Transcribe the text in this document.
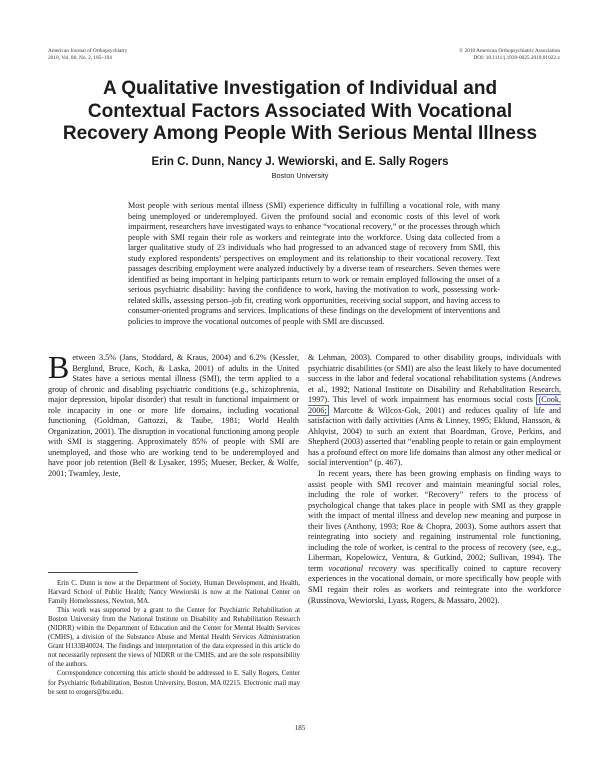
American Journal of Orthopsychiatry
2010, Vol. 80, No. 2, 185–194
© 2010 American Orthopsychiatric Association
DOI: 10.1111/j.1939-0025.2010.01022.x
A Qualitative Investigation of Individual and
Contextual Factors Associated With Vocational
Recovery Among People With Serious Mental Illness
Erin C. Dunn, Nancy J. Wewiorski, and E. Sally Rogers
Boston University

Most people with serious mental illness (SMI) experience difficulty in fulfilling a vocational role, with many being unemployed or underemployed. Given the profound social and economic costs of this level of work impairment, researchers have investigated ways to enhance “vocational recovery,” or the processes through which people with SMI regain their role as workers and reintegrate into the workforce. Using data collected from a larger qualitative study of 23 individuals who had progressed to an advanced stage of recovery from SMI, this study explored respondents’ perspectives on employment and its relationship to their vocational recovery. Text passages describing employment were analyzed inductively by a diverse team of researchers. Seven themes were identified as being important in helping participants return to work or remain employed following the onset of a serious psychiatric disability: having the confidence to work, having the motivation to work, possessing work-related skills, assessing person–job fit, creating work opportunities, receiving social support, and having access to consumer-oriented programs and services. Implications of these findings on the development of interventions and policies to improve the vocational outcomes of people with SMI are discussed.

Between 3.5% (Jans, Stoddard, & Kraus, 2004) and 6.2% (Kessler, Berglund, Bruce, Koch, & Laska, 2001) of adults in the United States have a serious mental illness (SMI), the term applied to a group of chronic and disabling psychiatric conditions (e.g., schizophrenia, major depression, bipolar disorder) that result in functional impairment or role incapacity in one or more life domains, including vocational functioning (Goldman, Gattozzi, & Taube, 1981; World Health Organization, 2001). The disruption in vocational functioning among people with SMI is staggering. Approximately 85% of people with SMI are unemployed, and those who are working tend to be underemployed and have poor job retention (Bell & Lysaker, 1995; Mueser, Becker, & Wolfe, 2001; Twamley, Jeste,

& Lehman, 2003). Compared to other disability groups, individuals with psychiatric disabilities (or SMI) are also the least likely to have documented success in the labor and federal vocational rehabilitation systems (Andrews et al., 1992; National Institute on Disability and Rehabilitation Research, 1997). This level of work impairment has enormous social costs (Cook, 2006; Marcotte & Wilcox-Gok, 2001) and reduces quality of life and satisfaction with daily activities (Arns & Linney, 1995; Eklund, Hansson, & Ahlqvist, 2004) to such an extent that Boardman, Grove, Perkins, and Shepherd (2003) asserted that “enabling people to retain or gain employment has a profound effect on more life domains than almost any other medical or social intervention” (p. 467).

In recent years, there has been growing emphasis on finding ways to assist people with SMI recover and maintain meaningful social roles, including the role of worker. “Recovery” refers to the process of psychological change that takes place in people with SMI as they grapple with the impact of mental illness and develop new meaning and purpose in their lives (Anthony, 1993; Roe & Chopra, 2003). Some authors assert that reintegrating into society and regaining instrumental role functioning, including the role of worker, is central to the process of recovery (see, e.g., Liberman, Kopelowicz, Ventura, & Gutkind, 2002; Sullivan, 1994). The term vocational recovery was specifically coined to capture recovery experiences in the vocational domain, or more specifically how people with SMI regain their roles as workers and reintegrate into the workforce (Russinova, Wewiorski, Lyass, Rogers, & Massaro, 2002).

Erin C. Dunn is now at the Department of Society, Human Development, and Health, Harvard School of Public Health; Nancy Wewiorski is now at the National Center on Family Homelessness, Newton, MA.

This work was supported by a grant to the Center for Psychiatric Rehabilitation at Boston University from the National Institute on Disability and Rehabilitation Research (NIDRR) within the Department of Education and the Center for Mental Health Services (CMHS), a division of the Substance Abuse and Mental Health Services Administration Grant H133B40024. The findings and interpretation of the data expressed in this article do not necessarily represent the views of NIDRR or the CMHS, and are the sole responsibility of the authors.

Correspondence concerning this article should be addressed to E. Sally Rogers, Center for Psychiatric Rehabilitation, Boston University, Boston, MA 02215. Electronic mail may be sent to erogers@bu.edu.

185
